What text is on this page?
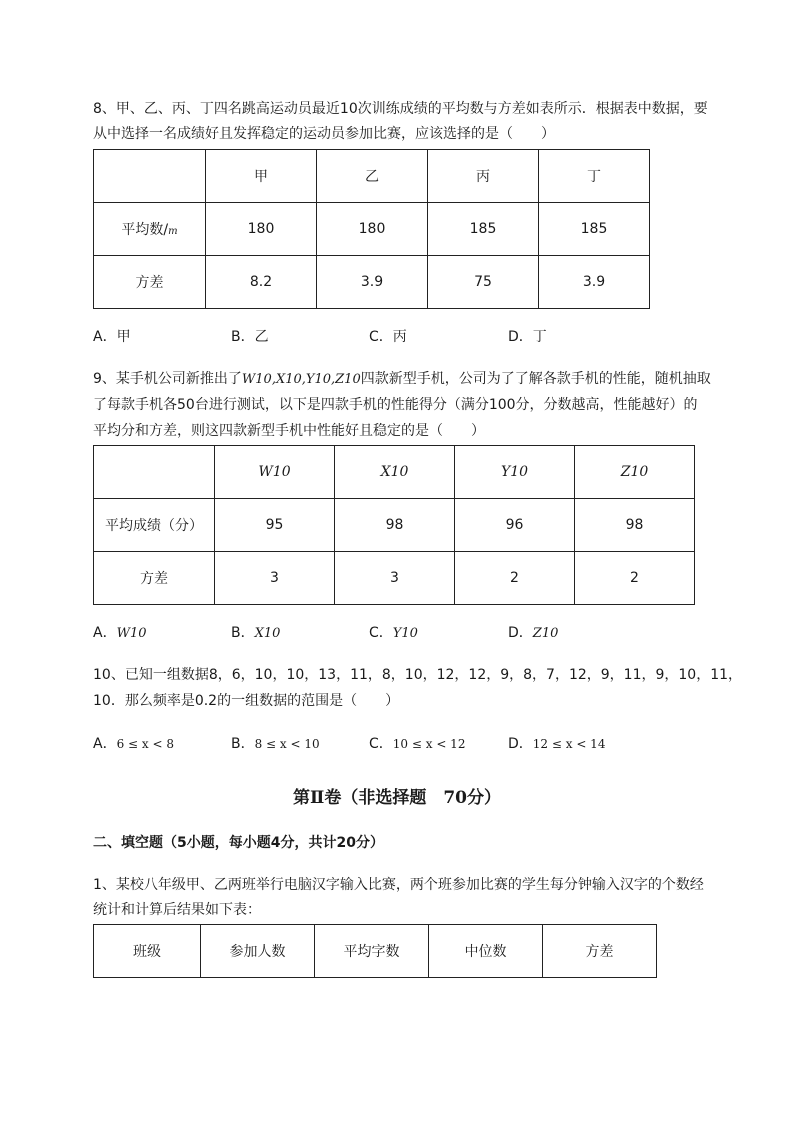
8、甲、乙、丙、丁四名跳高运动员最近10次训练成绩的平均数与方差如表所示．根据表中数据，要
从中选择一名成绩好且发挥稳定的运动员参加比赛，应该选择的是（　　）
	甲	乙	丙	丁
平均数/m	180	180	185	185
方差	8.2	3.9	75	3.9
A．甲	B．乙	C．丙	D．丁
9、某手机公司新推出了W10,X10,Y10,Z10四款新型手机，公司为了了解各款手机的性能，随机抽取
了每款手机各50台进行测试，以下是四款手机的性能得分（满分100分，分数越高，性能越好）的
平均分和方差，则这四款新型手机中性能好且稳定的是（　　）
	W10	X10	Y10	Z10
平均成绩（分）	95	98	96	98
方差	3	3	2	2
A．W10	B．X10	C．Y10	D．Z10
10、已知一组数据8，6，10，10，13，11，8，10，12，12，9，8，7，12，9，11，9，10，11，
10．那么频率是0.2的一组数据的范围是（　　）
A．6 ≤ x < 8	B．8 ≤ x < 10	C．10 ≤ x < 12	D．12 ≤ x < 14
第Ⅱ卷（非选择题　70分）
二、填空题（5小题，每小题4分，共计20分）
1、某校八年级甲、乙两班举行电脑汉字输入比赛，两个班参加比赛的学生每分钟输入汉字的个数经
统计和计算后结果如下表：
班级	参加人数	平均字数	中位数	方差
